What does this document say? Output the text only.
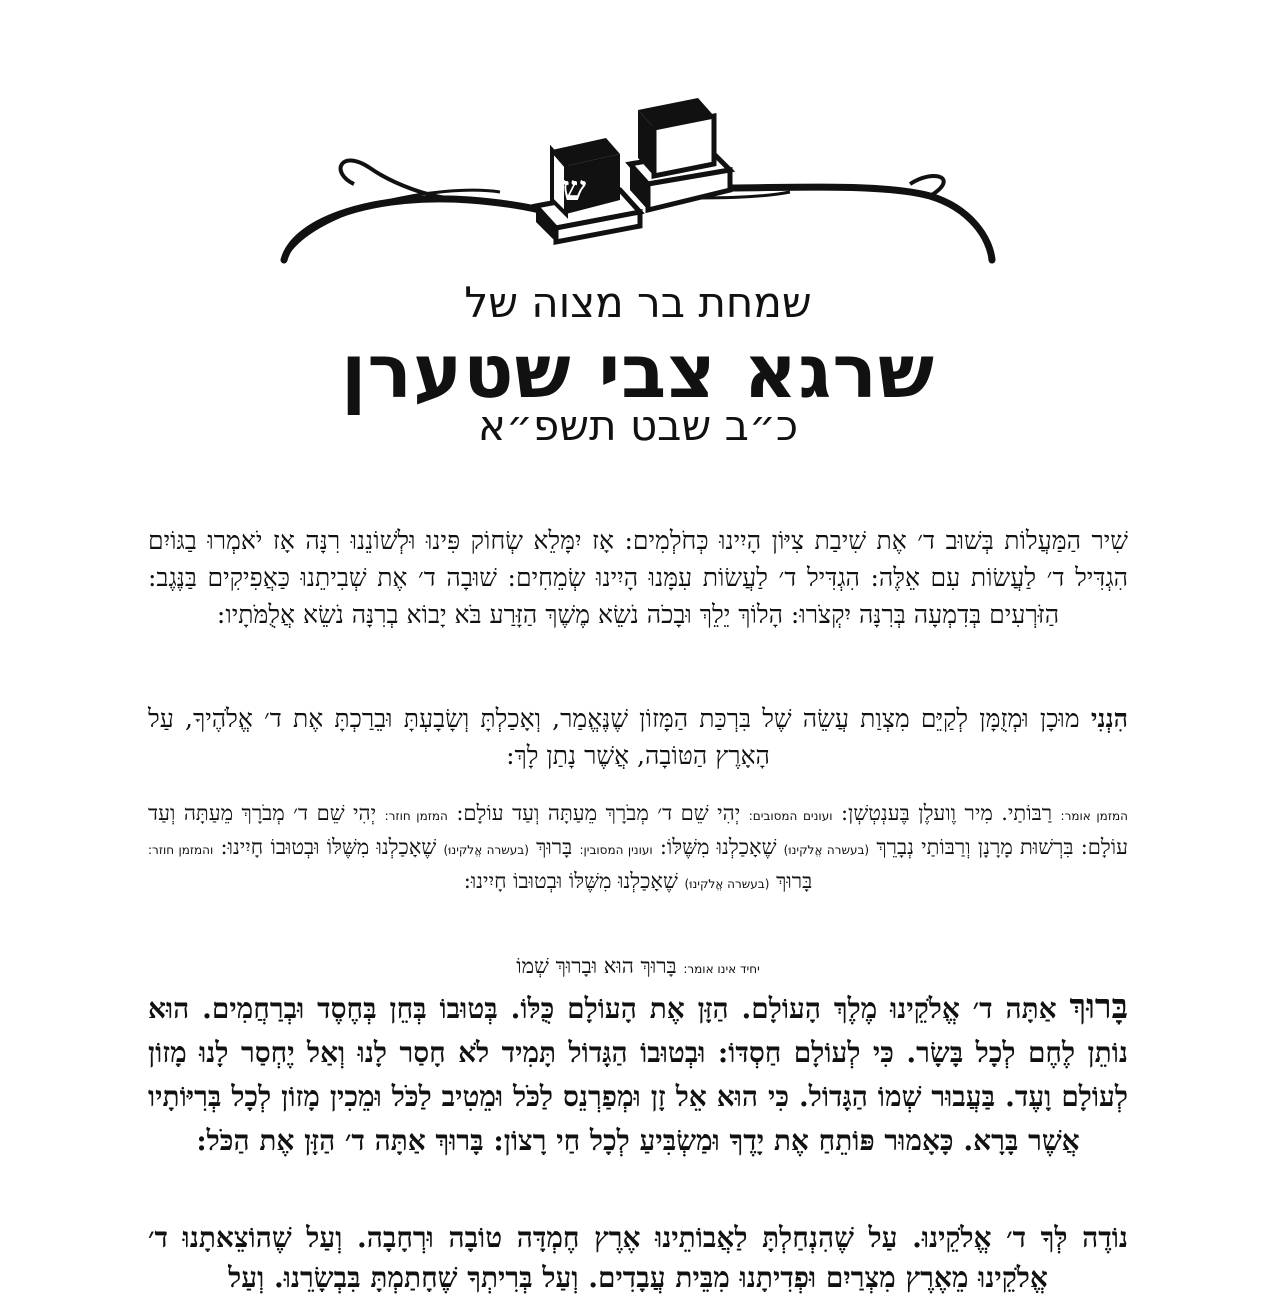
ש
שמחת בר מצוה של
שרגא צבי שטערן
כ״ב שבט תשפ״א

שִׁיר הַמַּעֲלוֹת בְּשׁוּב ד׳ אֶת שִׁיבַת צִיּוֹן הָיִינוּ כְּחֹלְמִים: אָז יִמָּלֵא שְׂחוֹק פִּינוּ וּלְשׁוֹנֵנוּ רִנָּה אָז יֹאמְרוּ בַגּוֹיִם הִגְדִּיל ד׳ לַעֲשׂוֹת עִם אֵלֶּה: הִגְדִּיל ד׳ לַעֲשׂוֹת עִמָּנוּ הָיִינוּ שְׂמֵחִים: שׁוּבָה ד׳ אֶת שְׁבִיתֵנוּ כַּאֲפִיקִים בַּנֶּגֶב: הַזֹּרְעִים בְּדִמְעָה בְּרִנָּה יִקְצֹרוּ: הָלוֹךְ יֵלֵךְ וּבָכֹה נֹשֵׂא מֶשֶׁךְ הַזָּרַע בֹּא יָבוֹא בְרִנָּה נֹשֵׂא אֲלֻמֹּתָיו:

הִנְנִי מוּכָן וּמְזֻמָּן לְקַיֵּם מִצְוַת עֲשֵׂה שֶׁל בִּרְכַּת הַמָּזוֹן שֶׁנֶּאֱמַר, וְאָכַלְתָּ וְשָׂבָעְתָּ וּבֵרַכְתָּ אֶת ד׳ אֱלֹהֶיךָ, עַל הָאָרֶץ הַטּוֹבָה, אֲשֶׁר נָתַן לָךְ:

המזמן אומר: רַבּוֹתַי. מִיר וֶועלֶן בֶּענְטְשְׁן: ועונים המסובים: יְהִי שֵׁם ד׳ מְבֹרָךְ מֵעַתָּה וְעַד עוֹלָם: המזמן חוזר: יְהִי שֵׁם ד׳ מְבֹרָךְ מֵעַתָּה וְעַד עוֹלָם: בִּרְשׁוּת מָרָנָן וְרַבּוֹתַי נְבָרֵךְ (בעשרה אֱלֹקינוּ) שֶׁאָכַלְנוּ מִשֶּׁלּוֹ: ועונין המסובין: בָּרוּךְ (בעשרה אֱלֹקינוּ) שֶׁאָכַלְנוּ מִשֶּׁלּוֹ וּבְטוּבוֹ חָיִינוּ: והמזמן חוזר: בָּרוּךְ (בעשרה אֱלֹקינוּ) שֶׁאָכַלְנוּ מִשֶּׁלּוֹ וּבְטוּבוֹ חָיִינוּ:

יחיד אינו אומר: בָּרוּךְ הוּא וּבָרוּךְ שְׁמוֹ

בָּרוּךְ אַתָּה ד׳ אֱלֹקֵינוּ מֶלֶךְ הָעוֹלָם. הַזָּן אֶת הָעוֹלָם כֻּלּוֹ. בְּטוּבוֹ בְּחֵן בְּחֶסֶד וּבְרַחֲמִים. הוּא נוֹתֵן לֶחֶם לְכָל בָּשָׂר. כִּי לְעוֹלָם חַסְדּוֹ: וּבְטוּבוֹ הַגָּדוֹל תָּמִיד לֹא חָסַר לָנוּ וְאַל יֶחְסַר לָנוּ מָזוֹן לְעוֹלָם וָעֶד. בַּעֲבוּר שְׁמוֹ הַגָּדוֹל. כִּי הוּא אֵל זָן וּמְפַרְנֵס לַכֹּל וּמֵטִיב לַכֹּל וּמֵכִין מָזוֹן לְכָל בְּרִיּוֹתָיו אֲשֶׁר בָּרָא. כָּאָמוּר פּוֹתֵחַ אֶת יָדֶךָ וּמַשְׂבִּיעַ לְכָל חַי רָצוֹן: בָּרוּךְ אַתָּה ד׳ הַזָּן אֶת הַכֹּל:

נוֹדֶה לְּךָ ד׳ אֱלֹקֵינוּ. עַל שֶׁהִנְחַלְתָּ לַאֲבוֹתֵינוּ אֶרֶץ חֶמְדָּה טוֹבָה וּרְחָבָה. וְעַל שֶׁהוֹצֵאתָנוּ ד׳ אֱלֹקֵינוּ מֵאֶרֶץ מִצְרַיִם וּפְדִיתָנוּ מִבֵּית עֲבָדִים. וְעַל בְּרִיתְךָ שֶׁחָתַמְתָּ בִּבְשָׂרֵנוּ. וְעַל
